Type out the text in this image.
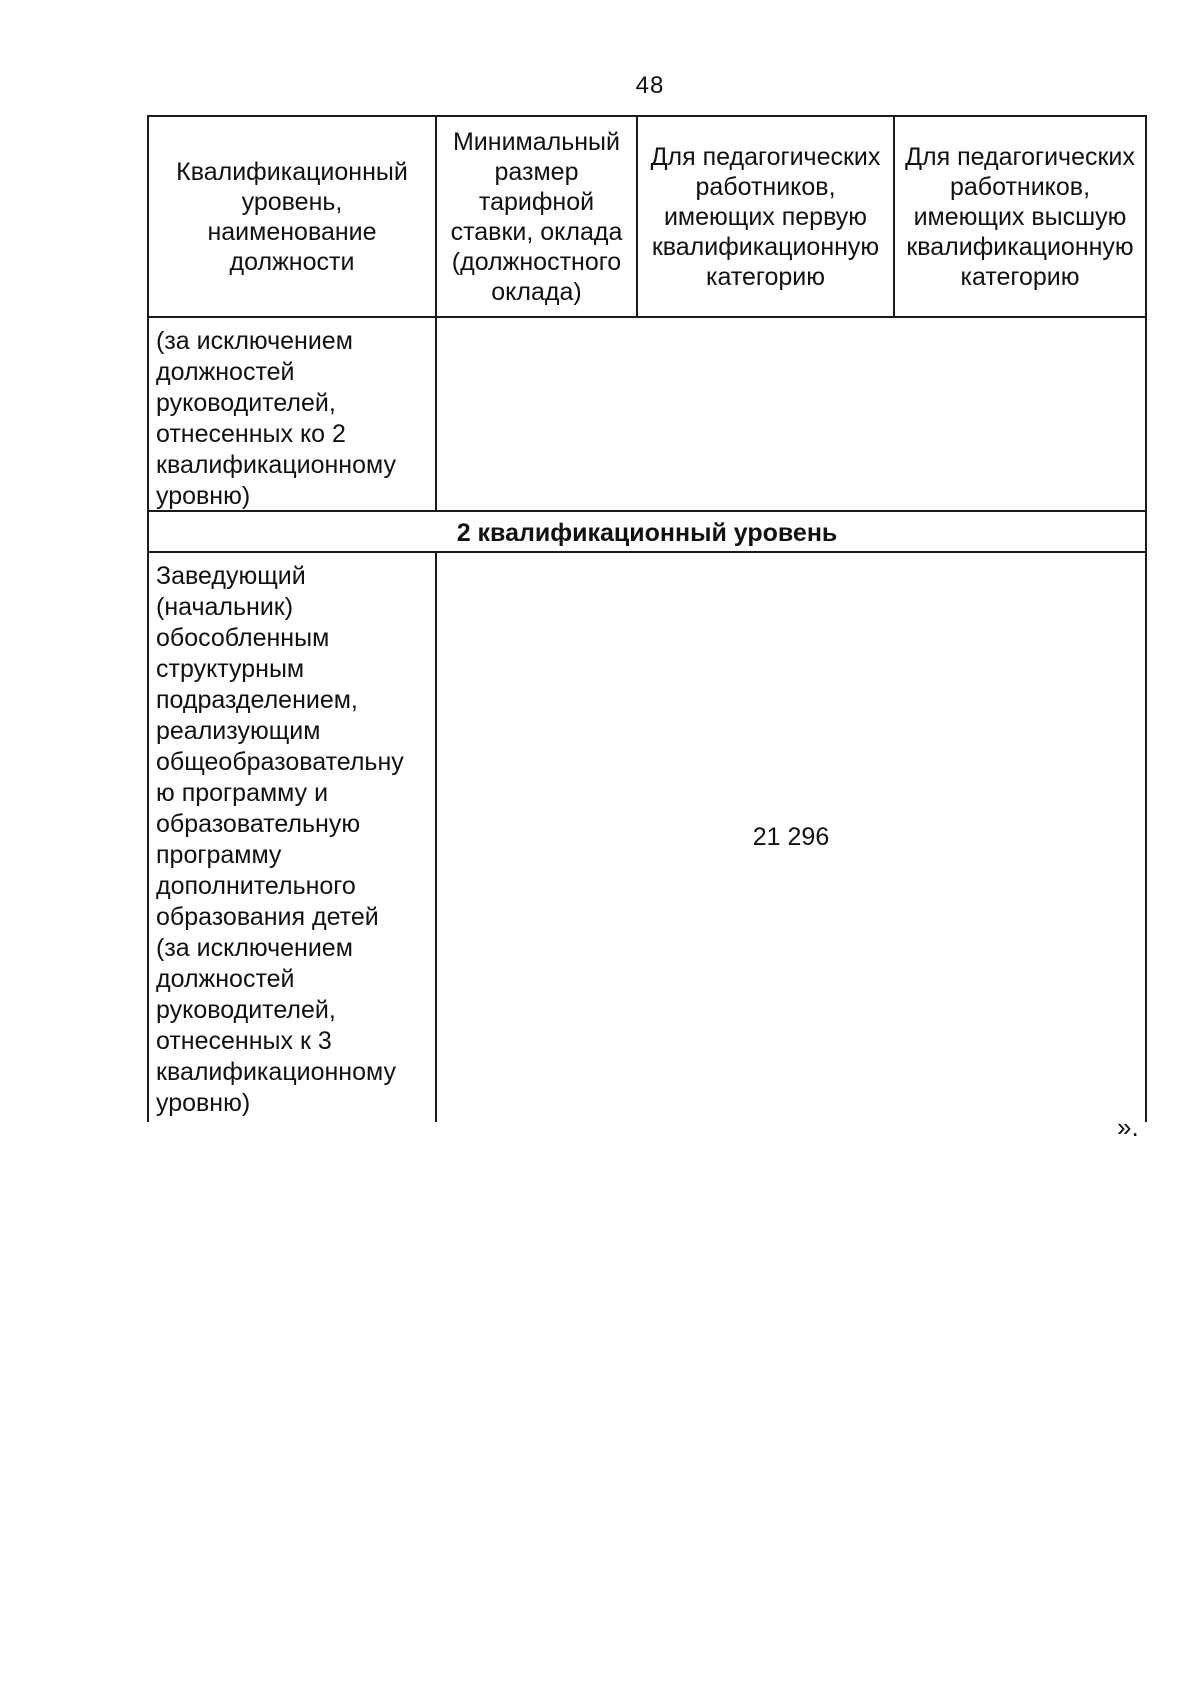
48
Квалификационный уровень, наименование должности
Минимальный размер тарифной ставки, оклада (должностного оклада)
Для педагогических работников, имеющих первую квалификационную категорию
Для педагогических работников, имеющих высшую квалификационную категорию
(за исключением
должностей
руководителей,
отнесенных ко 2
квалификационному
уровню)
2 квалификационный уровень
Заведующий
(начальник)
обособленным
структурным
подразделением,
реализующим
общеобразовательну
ю программу и
образовательную
программу
дополнительного
образования детей
(за исключением
должностей
руководителей,
отнесенных к 3
квалификационному
уровню)
21 296
».
